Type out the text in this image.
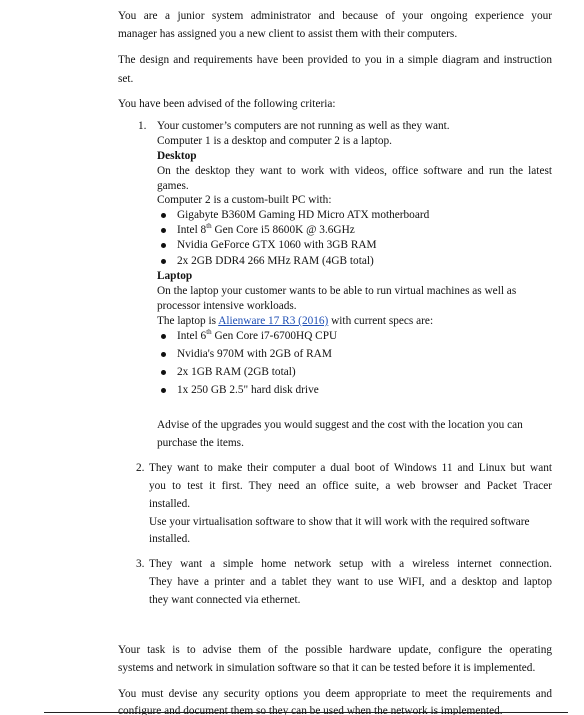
You are a junior system administrator and because of your ongoing experience your

manager has assigned you a new client to assist them with their computers.

The design and requirements have been provided to you in a simple diagram and instruction

set.

You have been advised of the following criteria:

1. Your customer’s computers are not running as well as they want.

Computer 1 is a desktop and computer 2 is a laptop.

Desktop

On the desktop they want to work with videos, office software and run the latest

games.

Computer 2 is a custom-built PC with:

Gigabyte B360M Gaming HD Micro ATX motherboard

Intel 8th Gen Core i5 8600K @ 3.6GHz

Nvidia GeForce GTX 1060 with 3GB RAM

2x 2GB DDR4 266 MHz RAM (4GB total)

Laptop

On the laptop your customer wants to be able to run virtual machines as well as

processor intensive workloads.

The laptop is Alienware 17 R3 (2016) with current specs are:

Intel 6th Gen Core i7-6700HQ CPU

Nvidia's 970M with 2GB of RAM

2x 1GB RAM (2GB total)

1x 250 GB 2.5" hard disk drive

Advise of the upgrades you would suggest and the cost with the location you can

purchase the items.

2. They want to make their computer a dual boot of Windows 11 and Linux but want

you to test it first. They need an office suite, a web browser and Packet Tracer

installed.

Use your virtualisation software to show that it will work with the required software

installed.

3. They want a simple home network setup with a wireless internet connection.

They have a printer and a tablet they want to use WiFI, and a desktop and laptop

they want connected via ethernet.

Your task is to advise them of the possible hardware update, configure the operating

systems and network in simulation software so that it can be tested before it is implemented.

You must devise any security options you deem appropriate to meet the requirements and

configure and document them so they can be used when the network is implemented.
